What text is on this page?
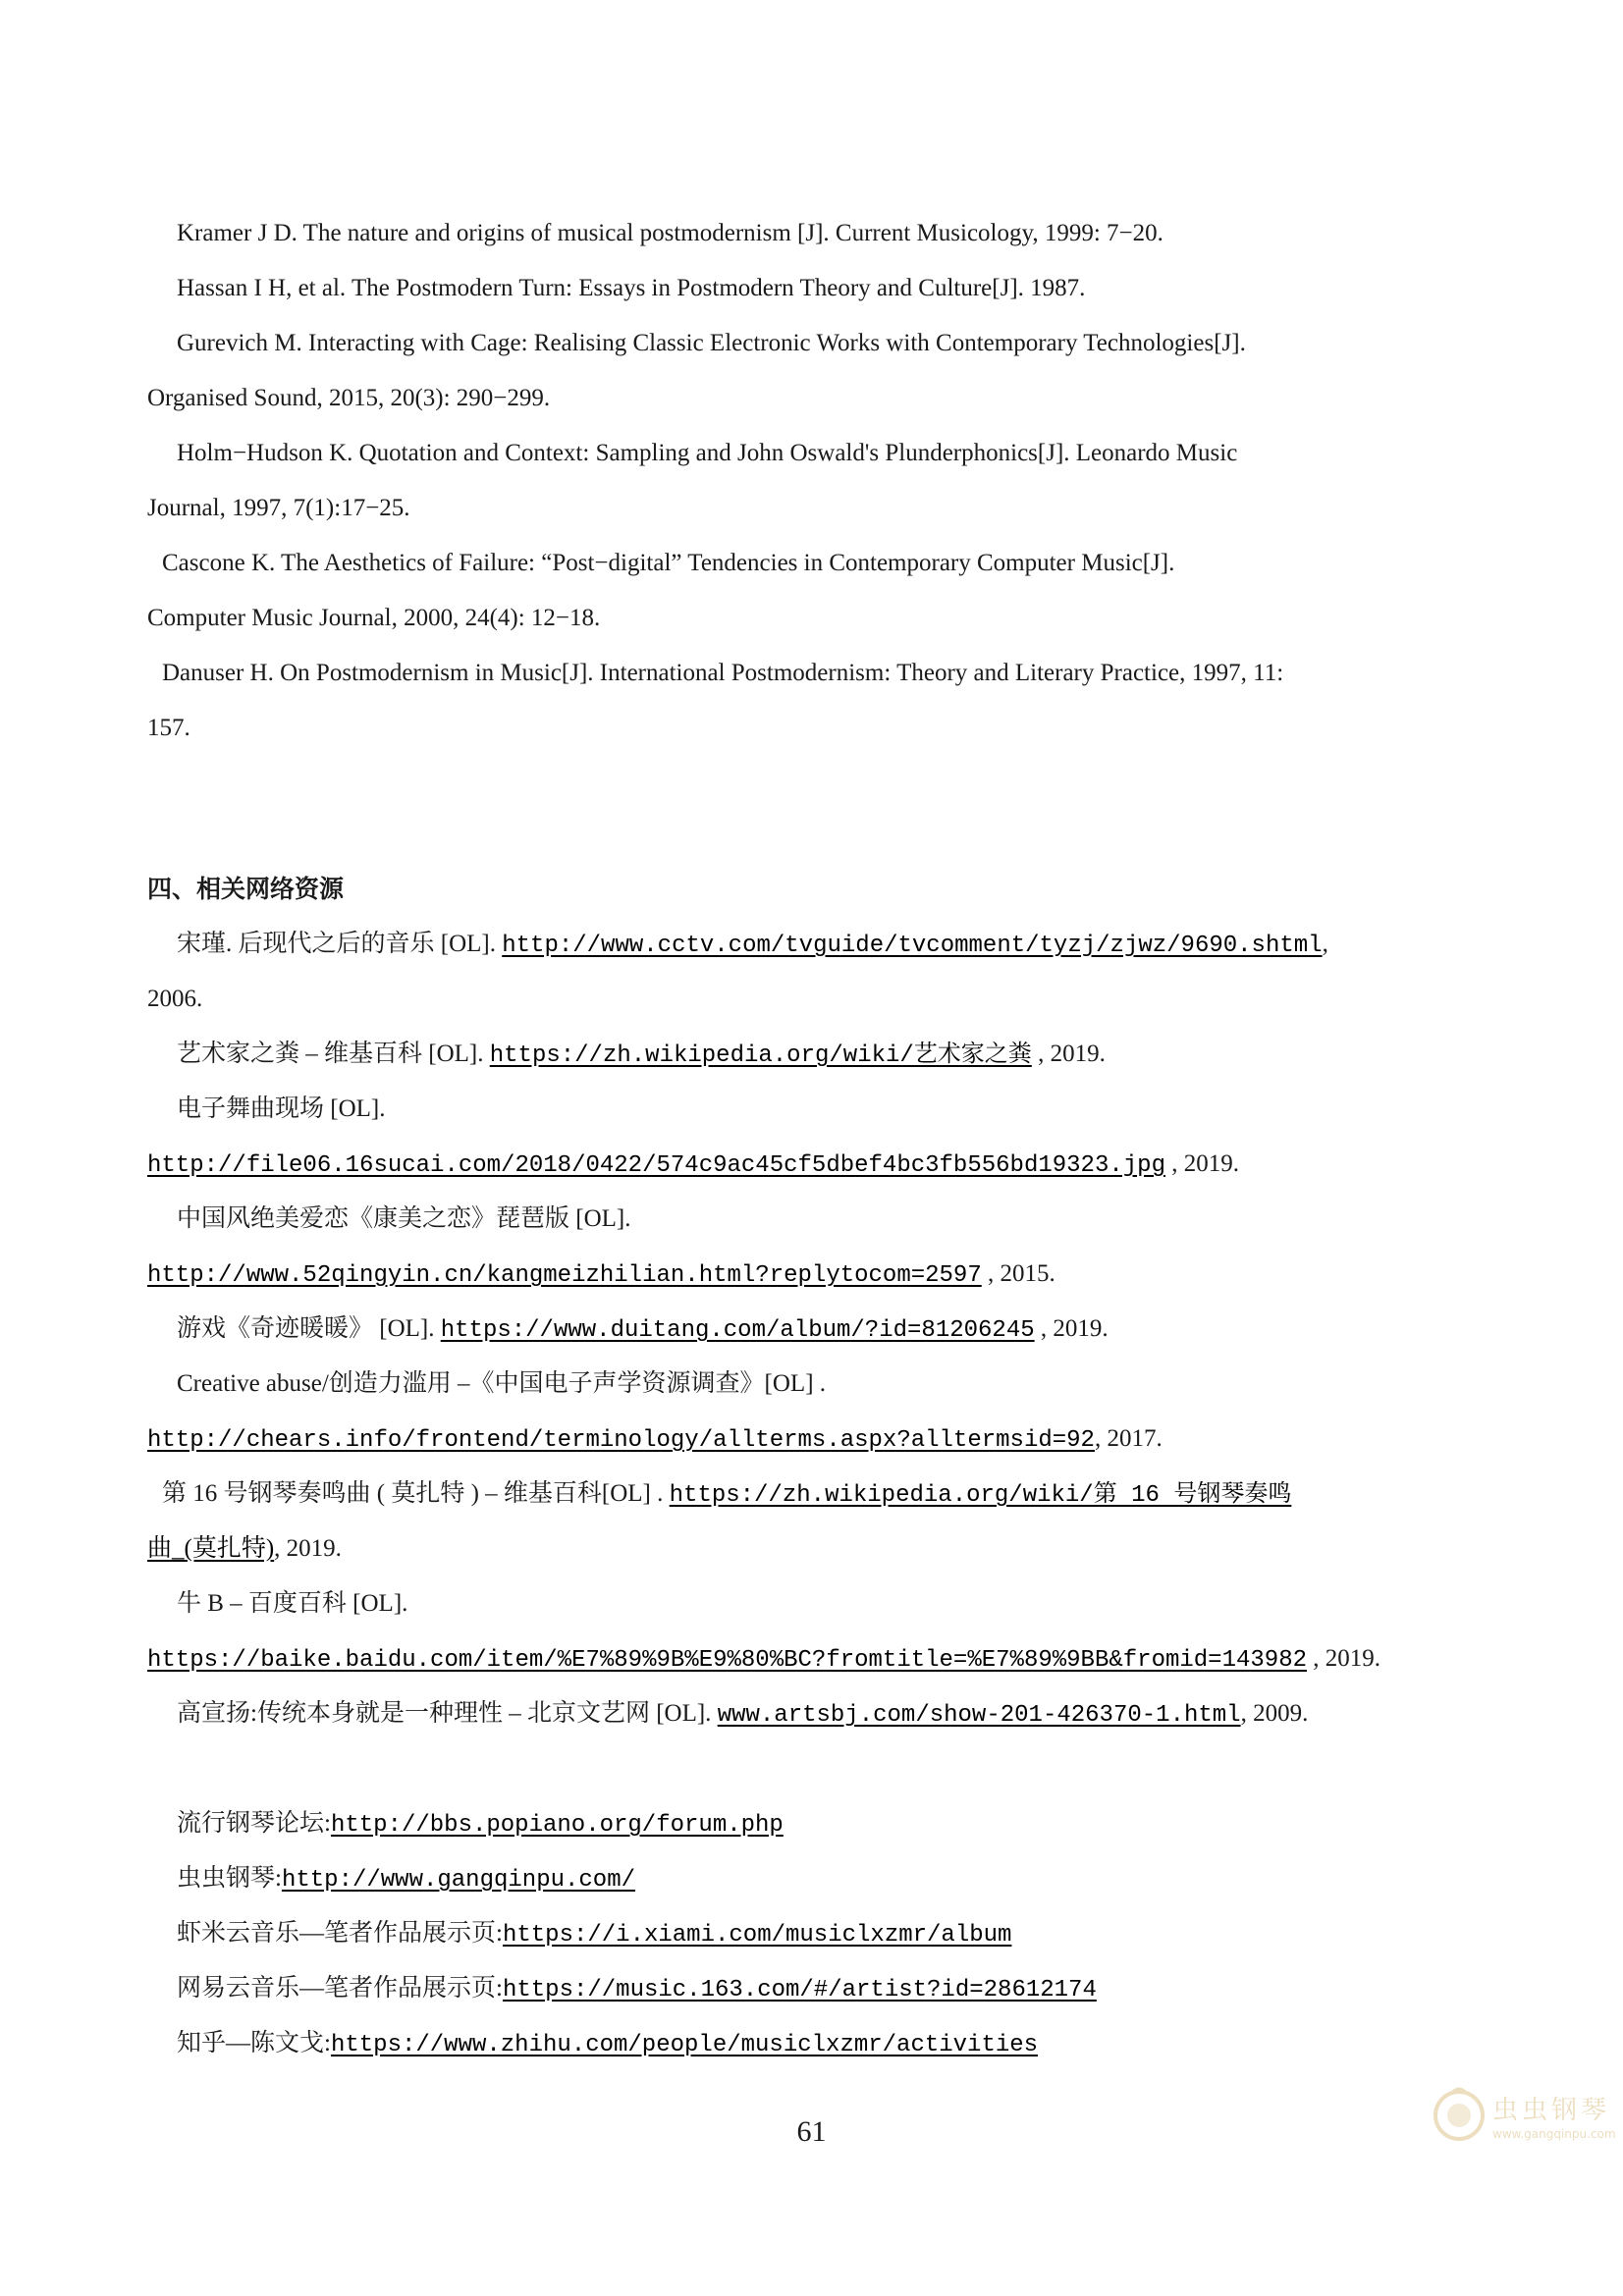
Kramer J D. The nature and origins of musical postmodernism [J]. Current Musicology, 1999: 7−20.
Hassan I H, et al. The Postmodern Turn: Essays in Postmodern Theory and Culture[J]. 1987.
Gurevich M. Interacting with Cage: Realising Classic Electronic Works with Contemporary Technologies[J].
Organised Sound, 2015, 20(3): 290−299.
Holm−Hudson K. Quotation and Context: Sampling and John Oswald's Plunderphonics[J]. Leonardo Music
Journal, 1997, 7(1):17−25.
Cascone K. The Aesthetics of Failure: “Post−digital” Tendencies in Contemporary Computer Music[J].
Computer Music Journal, 2000, 24(4): 12−18.
Danuser H. On Postmodernism in Music[J]. International Postmodernism: Theory and Literary Practice, 1997, 11:
157.
四、相关网络资源
宋瑾. 后现代之后的音乐 [OL]. http://www.cctv.com/tvguide/tvcomment/tyzj/zjwz/9690.shtml,
2006.
艺术家之粪 – 维基百科 [OL]. https://zh.wikipedia.org/wiki/艺术家之粪 , 2019.
电子舞曲现场 [OL].
http://file06.16sucai.com/2018/0422/574c9ac45cf5dbef4bc3fb556bd19323.jpg , 2019.
中国风绝美爱恋《康美之恋》琵琶版 [OL].
http://www.52qingyin.cn/kangmeizhilian.html?replytocom=2597 , 2015.
游戏《奇迹暖暖》 [OL]. https://www.duitang.com/album/?id=81206245 , 2019.
Creative abuse/创造力滥用 –《中国电子声学资源调查》[OL] .
http://chears.info/frontend/terminology/allterms.aspx?alltermsid=92, 2017.
第 16 号钢琴奏鸣曲 ( 莫扎特 ) – 维基百科[OL] . https://zh.wikipedia.org/wiki/第 16 号钢琴奏鸣
曲_(莫扎特), 2019.
牛 B – 百度百科 [OL].
https://baike.baidu.com/item/%E7%89%9B%E9%80%BC?fromtitle=%E7%89%9BB&fromid=143982 , 2019.
高宣扬:传统本身就是一种理性 – 北京文艺网 [OL]. www.artsbj.com/show-201-426370-1.html, 2009.
流行钢琴论坛:http://bbs.popiano.org/forum.php
虫虫钢琴:http://www.gangqinpu.com/
虾米云音乐—笔者作品展示页:https://i.xiami.com/musiclxzmr/album
网易云音乐—笔者作品展示页:https://music.163.com/#/artist?id=28612174
知乎—陈文戈:https://www.zhihu.com/people/musiclxzmr/activities
61
虫虫钢琴
www.gangqinpu.com
